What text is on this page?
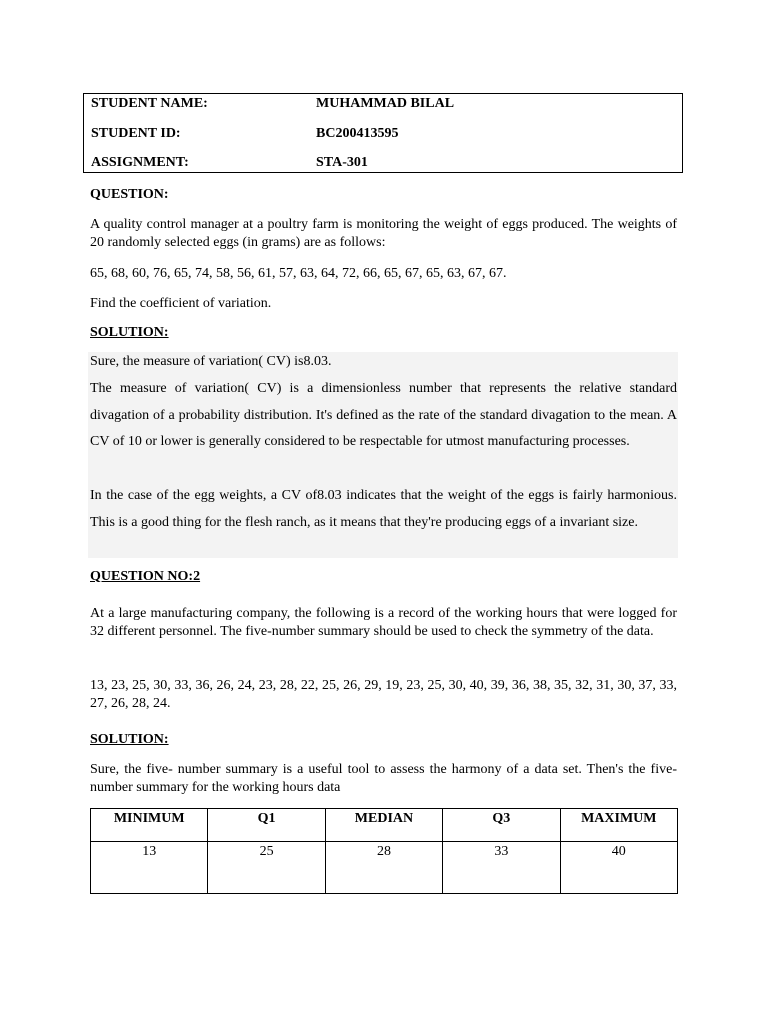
STUDENT NAME:	MUHAMMAD BILAL
STUDENT ID:	BC200413595
ASSIGNMENT:	STA-301
QUESTION:
A quality control manager at a poultry farm is monitoring the weight of eggs produced. The weights of 20 randomly selected eggs (in grams) are as follows:
65, 68, 60, 76, 65, 74, 58, 56, 61, 57, 63, 64, 72, 66, 65, 67, 65, 63, 67, 67.
Find the coefficient of variation.
SOLUTION:
Sure, the measure of variation( CV) is8.03.
The measure of variation( CV) is a dimensionless number that represents the relative standard divagation of a probability distribution. It's defined as the rate of the standard divagation to the mean. A CV of 10 or lower is generally considered to be respectable for utmost manufacturing processes.
In the case of the egg weights, a CV of8.03 indicates that the weight of the eggs is fairly harmonious. This is a good thing for the flesh ranch, as it means that they're producing eggs of a invariant size.
QUESTION NO:2
At a large manufacturing company, the following is a record of the working hours that were logged for 32 different personnel. The five-number summary should be used to check the symmetry of the data.
13, 23, 25, 30, 33, 36, 26, 24, 23, 28, 22, 25, 26, 29, 19, 23, 25, 30, 40, 39, 36, 38, 35, 32, 31, 30, 37, 33, 27, 26, 28, 24.
SOLUTION:
Sure, the five- number summary is a useful tool to assess the harmony of a data set. Then's the five- number summary for the working hours data
MINIMUM	Q1	MEDIAN	Q3	MAXIMUM
13	25	28	33	40
